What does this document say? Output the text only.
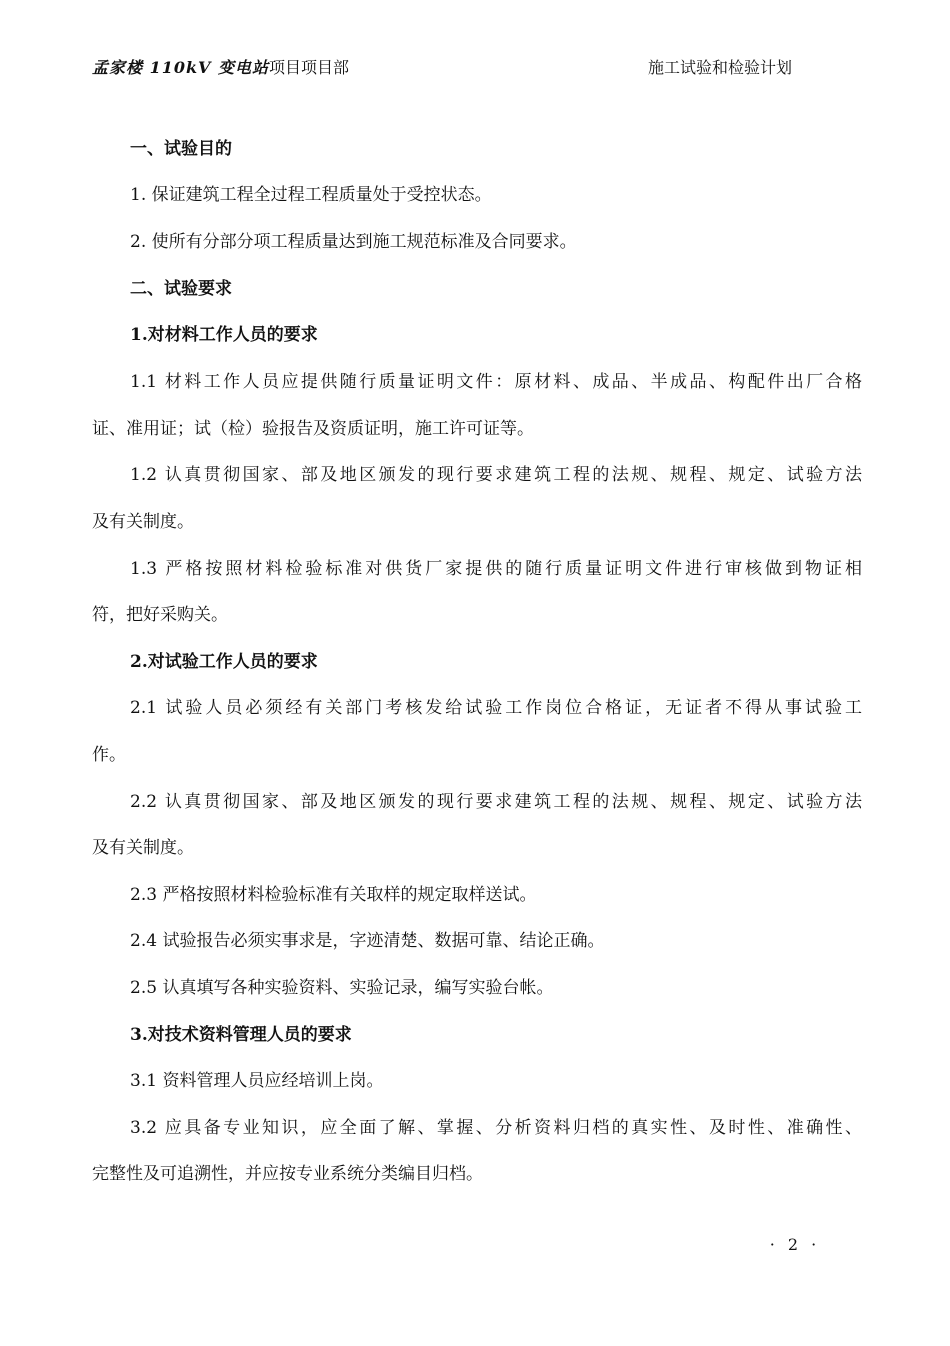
孟家楼 110kV 变电站项目项目部	施工试验和检验计划
一、试验目的
1. 保证建筑工程全过程工程质量处于受控状态。
2. 使所有分部分项工程质量达到施工规范标准及合同要求。
二、试验要求
1.对材料工作人员的要求
1.1 材料工作人员应提供随行质量证明文件：原材料、成品、半成品、构配件出厂合格
证、准用证；试（检）验报告及资质证明，施工许可证等。
1.2 认真贯彻国家、部及地区颁发的现行要求建筑工程的法规、规程、规定、试验方法
及有关制度。
1.3 严格按照材料检验标准对供货厂家提供的随行质量证明文件进行审核做到物证相
符，把好采购关。
2.对试验工作人员的要求
2.1 试验人员必须经有关部门考核发给试验工作岗位合格证，无证者不得从事试验工
作。
2.2 认真贯彻国家、部及地区颁发的现行要求建筑工程的法规、规程、规定、试验方法
及有关制度。
2.3 严格按照材料检验标准有关取样的规定取样送试。
2.4 试验报告必须实事求是，字迹清楚、数据可靠、结论正确。
2.5 认真填写各种实验资料、实验记录，编写实验台帐。
3.对技术资料管理人员的要求
3.1 资料管理人员应经培训上岗。
3.2 应具备专业知识，应全面了解、掌握、分析资料归档的真实性、及时性、准确性、
完整性及可追溯性，并应按专业系统分类编目归档。
· 2 ·
